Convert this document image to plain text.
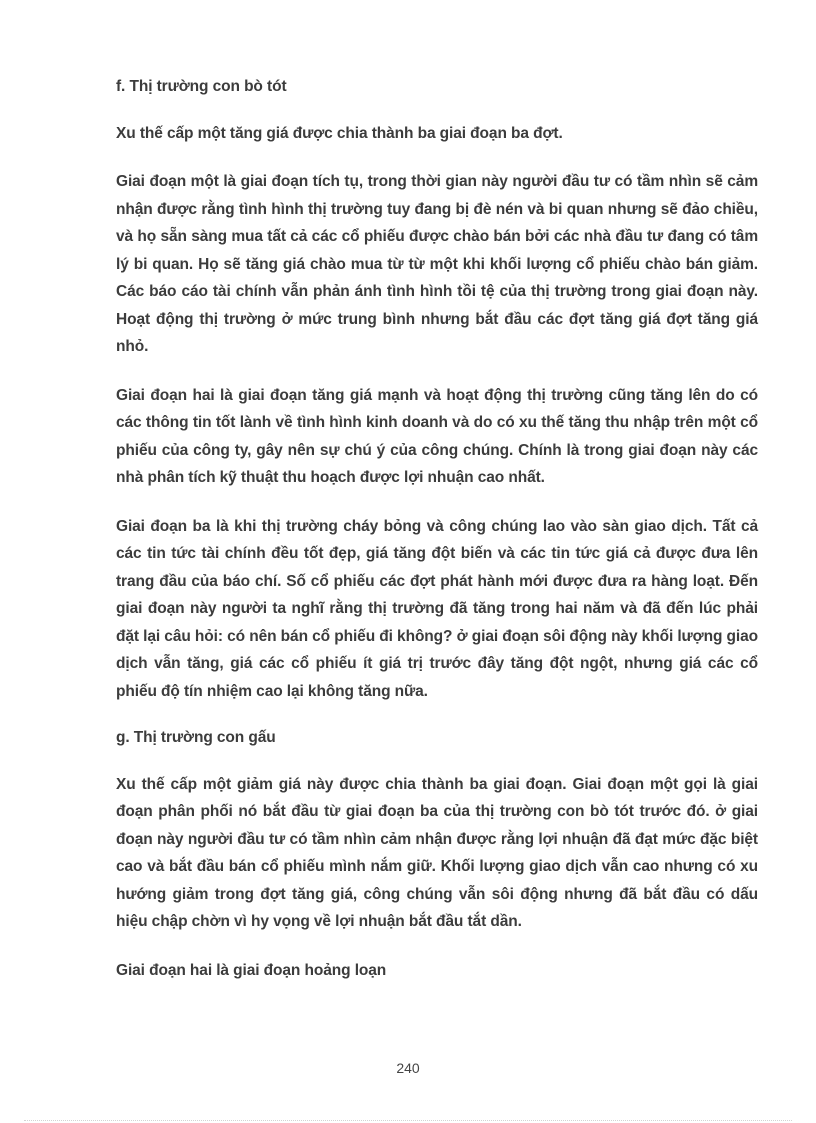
f. Thị trường con bò tót

Xu thế cấp một tăng giá được chia thành ba giai đoạn ba đợt.

Giai đoạn một là giai đoạn tích tụ, trong thời gian này người đầu tư có tầm nhìn sẽ cảm nhận được rằng tình hình thị trường tuy đang bị đè nén và bi quan nhưng sẽ đảo chiều, và họ sẵn sàng mua tất cả các cổ phiếu được chào bán bởi các nhà đầu tư đang có tâm lý bi quan. Họ sẽ tăng giá chào mua từ từ một khi khối lượng cổ phiếu chào bán giảm. Các báo cáo tài chính vẫn phản ánh tình hình tồi tệ của thị trường trong giai đoạn này. Hoạt động thị trường ở mức trung bình nhưng bắt đầu các đợt tăng giá đợt tăng giá nhỏ.

Giai đoạn hai là giai đoạn tăng giá mạnh và hoạt động thị trường cũng tăng lên do có các thông tin tốt lành về tình hình kinh doanh và do có xu thế tăng thu nhập trên một cổ phiếu của công ty, gây nên sự chú ý của công chúng. Chính là trong giai đoạn này các nhà phân tích kỹ thuật thu hoạch được lợi nhuận cao nhất.

Giai đoạn ba là khi thị trường cháy bỏng và công chúng lao vào sàn giao dịch. Tất cả các tin tức tài chính đều tốt đẹp, giá tăng đột biến và các tin tức giá cả được đưa lên trang đầu của báo chí. Số cổ phiếu các đợt phát hành mới được đưa ra hàng loạt. Đến giai đoạn này người ta nghĩ rằng thị trường đã tăng trong hai năm và đã đến lúc phải đặt lại câu hỏi: có nên bán cổ phiếu đi không? ở giai đoạn sôi động này khối lượng giao dịch vẫn tăng, giá các cổ phiếu ít giá trị trước đây tăng đột ngột, nhưng giá các cổ phiếu độ tín nhiệm cao lại không tăng nữa.

g. Thị trường con gấu

Xu thế cấp một giảm giá này được chia thành ba giai đoạn. Giai đoạn một gọi là giai đoạn phân phối nó bắt đầu từ giai đoạn ba của thị trường con bò tót trước đó. ở giai đoạn này người đầu tư có tầm nhìn cảm nhận được rằng lợi nhuận đã đạt mức đặc biệt cao và bắt đầu bán cổ phiếu mình nắm giữ. Khối lượng giao dịch vẫn cao nhưng có xu hướng giảm trong đợt tăng giá, công chúng vẫn sôi động nhưng đã bắt đầu có dấu hiệu chập chờn vì hy vọng về lợi nhuận bắt đầu tắt dần.

Giai đoạn hai là giai đoạn hoảng loạn

240
